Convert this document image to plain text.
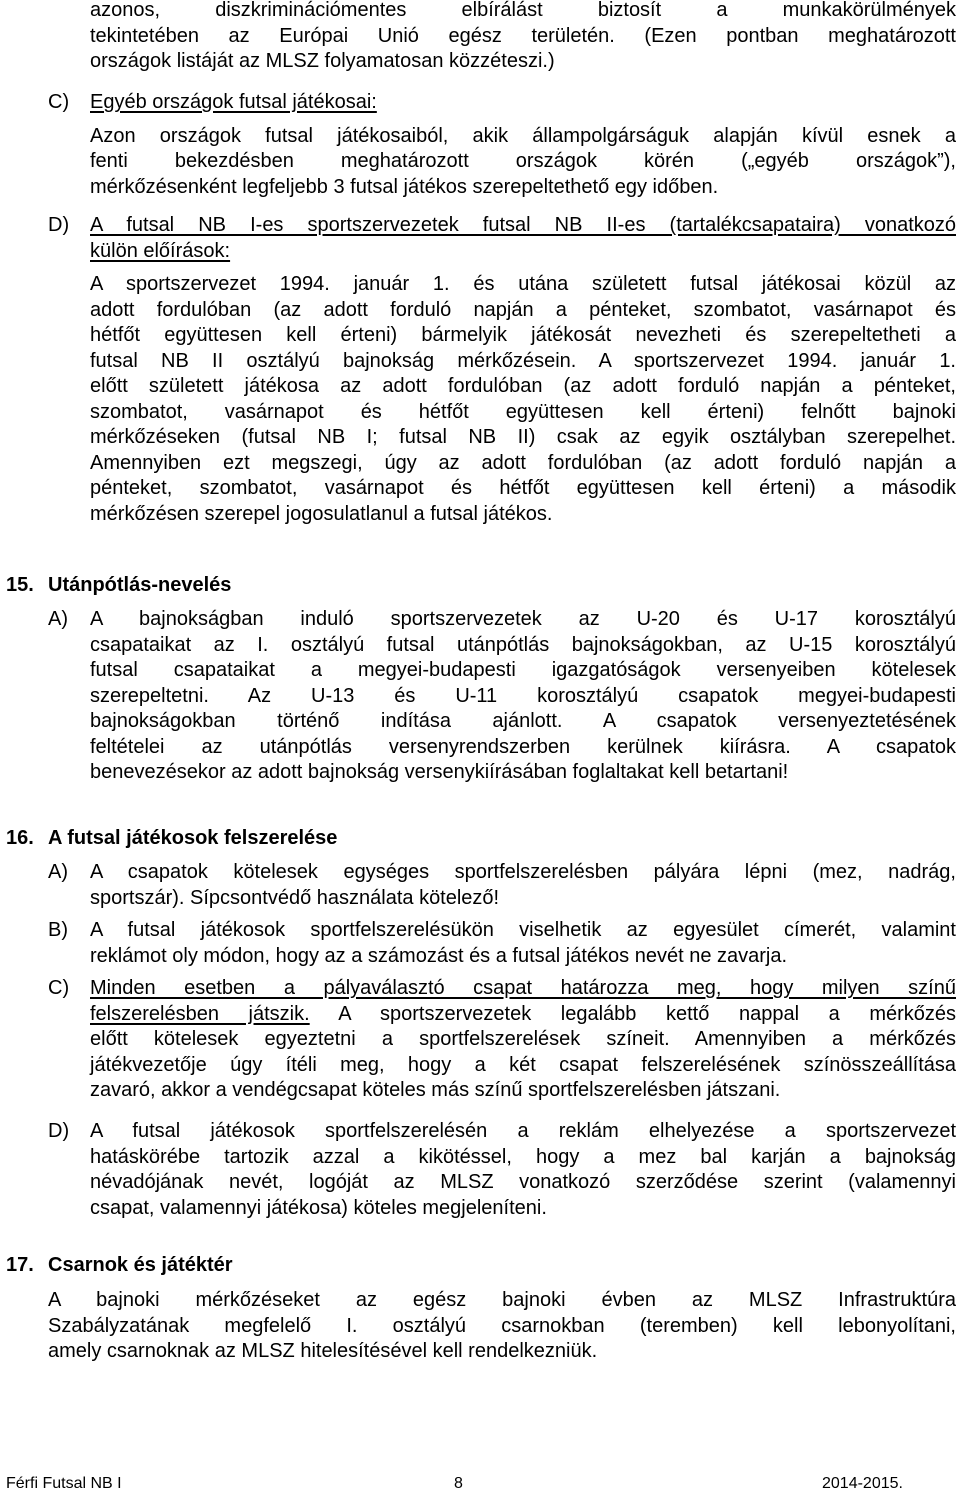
azonos, diszkriminációmentes elbírálást biztosít a munkakörülmények
tekintetében az Európai Unió egész területén. (Ezen pontban meghatározott
országok listáját az MLSZ folyamatosan közzéteszi.)
C) Egyéb országok futsal játékosai:
Azon országok futsal játékosaiból, akik állampolgárságuk alapján kívül esnek a
fenti bekezdésben meghatározott országok körén („egyéb országok”),
mérkőzésenként legfeljebb 3 futsal játékos szerepeltethető egy időben.
D) A futsal NB I-es sportszervezetek futsal NB II-es (tartalékcsapataira) vonatkozó
külön előírások:
A sportszervezet 1994. január 1. és utána született futsal játékosai közül az
adott fordulóban (az adott forduló napján a pénteket, szombatot, vasárnapot és
hétfőt együttesen kell érteni) bármelyik játékosát nevezheti és szerepeltetheti a
futsal NB II osztályú bajnokság mérkőzésein. A sportszervezet 1994. január 1.
előtt született játékosa az adott fordulóban (az adott forduló napján a pénteket,
szombatot, vasárnapot és hétfőt együttesen kell érteni) felnőtt bajnoki
mérkőzéseken (futsal NB I; futsal NB II) csak az egyik osztályban szerepelhet.
Amennyiben ezt megszegi, úgy az adott fordulóban (az adott forduló napján a
pénteket, szombatot, vasárnapot és hétfőt együttesen kell érteni) a második
mérkőzésen szerepel jogosulatlanul a futsal játékos.
15. Utánpótlás-nevelés
A) A bajnokságban induló sportszervezetek az U-20 és U-17 korosztályú
csapataikat az I. osztályú futsal utánpótlás bajnokságokban, az U-15 korosztályú
futsal csapataikat a megyei-budapesti igazgatóságok versenyeiben kötelesek
szerepeltetni. Az U-13 és U-11 korosztályú csapatok megyei-budapesti
bajnokságokban történő indítása ajánlott. A csapatok versenyeztetésének
feltételei az utánpótlás versenyrendszerben kerülnek kiírásra. A csapatok
benevezésekor az adott bajnokság versenykiírásában foglaltakat kell betartani!
16. A futsal játékosok felszerelése
A) A csapatok kötelesek egységes sportfelszerelésben pályára lépni (mez, nadrág,
sportszár). Sípcsontvédő használata kötelező!
B) A futsal játékosok sportfelszerelésükön viselhetik az egyesület címerét, valamint
reklámot oly módon, hogy az a számozást és a futsal játékos nevét ne zavarja.
C) Minden esetben a pályaválasztó csapat határozza meg, hogy milyen színű
felszerelésben játszik. A sportszervezetek legalább kettő nappal a mérkőzés
előtt kötelesek egyeztetni a sportfelszerelések színeit. Amennyiben a mérkőzés
játékvezetője úgy ítéli meg, hogy a két csapat felszerelésének színösszeállítása
zavaró, akkor a vendégcsapat köteles más színű sportfelszerelésben játszani.
D) A futsal játékosok sportfelszerelésén a reklám elhelyezése a sportszervezet
hatáskörébe tartozik azzal a kikötéssel, hogy a mez bal karján a bajnokság
névadójának nevét, logóját az MLSZ vonatkozó szerződése szerint (valamennyi
csapat, valamennyi játékosa) köteles megjeleníteni.
17. Csarnok és játéktér
A bajnoki mérkőzéseket az egész bajnoki évben az MLSZ Infrastruktúra
Szabályzatának megfelelő I. osztályú csarnokban (teremben) kell lebonyolítani,
amely csarnoknak az MLSZ hitelesítésével kell rendelkezniük.
Férfi Futsal NB I	8	2014-2015.
